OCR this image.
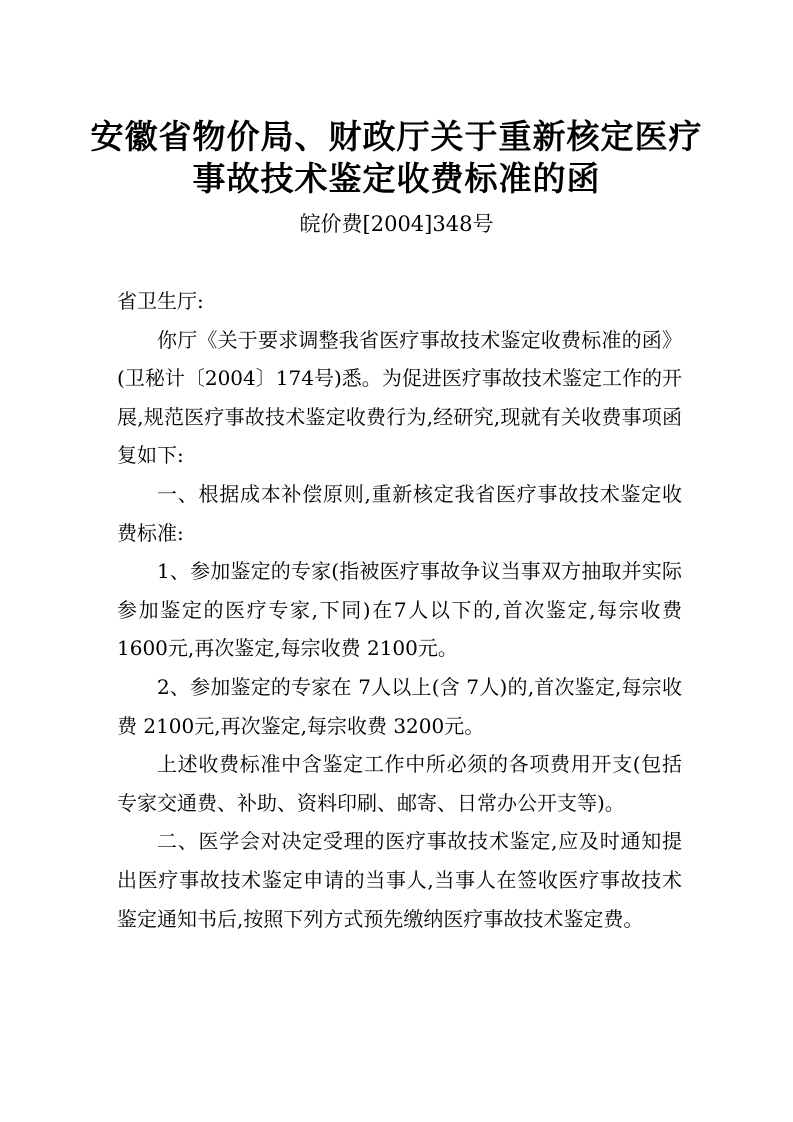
安徽省物价局、财政厅关于重新核定医疗
事故技术鉴定收费标准的函
皖价费[2004]348号

省卫生厅:

你厅《关于要求调整我省医疗事故技术鉴定收费标准的函》(卫秘计〔2004〕174号)悉。为促进医疗事故技术鉴定工作的开展,规范医疗事故技术鉴定收费行为,经研究,现就有关收费事项函复如下:

一、根据成本补偿原则,重新核定我省医疗事故技术鉴定收费标准:

1、参加鉴定的专家(指被医疗事故争议当事双方抽取并实际参加鉴定的医疗专家,下同)在7人以下的,首次鉴定,每宗收费 1600元,再次鉴定,每宗收费 2100元。

2、参加鉴定的专家在 7人以上(含 7人)的,首次鉴定,每宗收费 2100元,再次鉴定,每宗收费 3200元。

上述收费标准中含鉴定工作中所必须的各项费用开支(包括专家交通费、补助、资料印刷、邮寄、日常办公开支等)。

二、医学会对决定受理的医疗事故技术鉴定,应及时通知提出医疗事故技术鉴定申请的当事人,当事人在签收医疗事故技术鉴定通知书后,按照下列方式预先缴纳医疗事故技术鉴定费。
